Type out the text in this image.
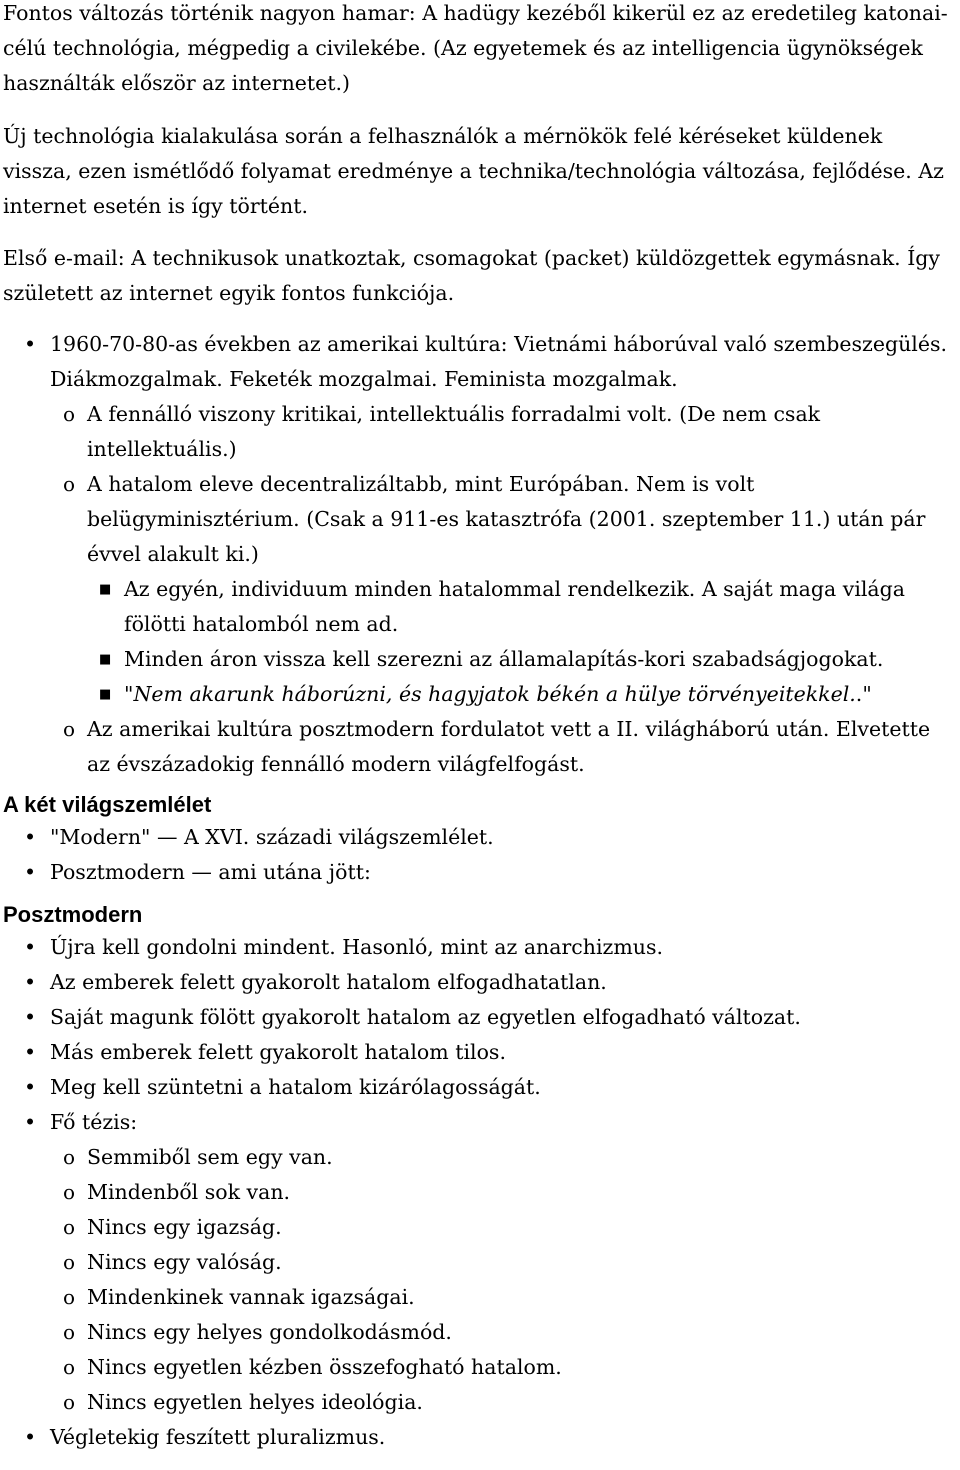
Fontos változás történik nagyon hamar: A hadügy kezéből kikerül ez az eredetileg katonai-célú technológia, mégpedig a civilekébe. (Az egyetemek és az intelligencia ügynökségek használták először az internetet.)

Új technológia kialakulása során a felhasználók a mérnökök felé kéréseket küldenek vissza, ezen ismétlődő folyamat eredménye a technika/technológia változása, fejlődése. Az internet esetén is így történt.

Első e-mail: A technikusok unatkoztak, csomagokat (packet) küldözgettek egymásnak. Így született az internet egyik fontos funkciója.

• 1960-70-80-as években az amerikai kultúra: Vietnámi háborúval való szembeszegülés. Diákmozgalmak. Feketék mozgalmai. Feminista mozgalmak.
o A fennálló viszony kritikai, intellektuális forradalmi volt. (De nem csak intellektuális.)
o A hatalom eleve decentralizáltabb, mint Európában. Nem is volt belügyminisztérium. (Csak a 911-es katasztrófa (2001. szeptember 11.) után pár évvel alakult ki.)
■ Az egyén, individuum minden hatalommal rendelkezik. A saját maga világa fölötti hatalomból nem ad.
■ Minden áron vissza kell szerezni az államalapítás-kori szabadságjogokat.
■ "Nem akarunk háborúzni, és hagyjatok békén a hülye törvényeitekkel.."
o Az amerikai kultúra posztmodern fordulatot vett a II. világháború után. Elvetette az évszázadokig fennálló modern világfelfogást.
A két világszemlélet
• "Modern" — A XVI. századi világszemlélet.
• Posztmodern — ami utána jött:
Posztmodern
• Újra kell gondolni mindent. Hasonló, mint az anarchizmus.
• Az emberek felett gyakorolt hatalom elfogadhatatlan.
• Saját magunk fölött gyakorolt hatalom az egyetlen elfogadható változat.
• Más emberek felett gyakorolt hatalom tilos.
• Meg kell szüntetni a hatalom kizárólagosságát.
• Fő tézis:
o Semmiből sem egy van.
o Mindenből sok van.
o Nincs egy igazság.
o Nincs egy valóság.
o Mindenkinek vannak igazságai.
o Nincs egy helyes gondolkodásmód.
o Nincs egyetlen kézben összefogható hatalom.
o Nincs egyetlen helyes ideológia.
• Végletekig feszített pluralizmus.
